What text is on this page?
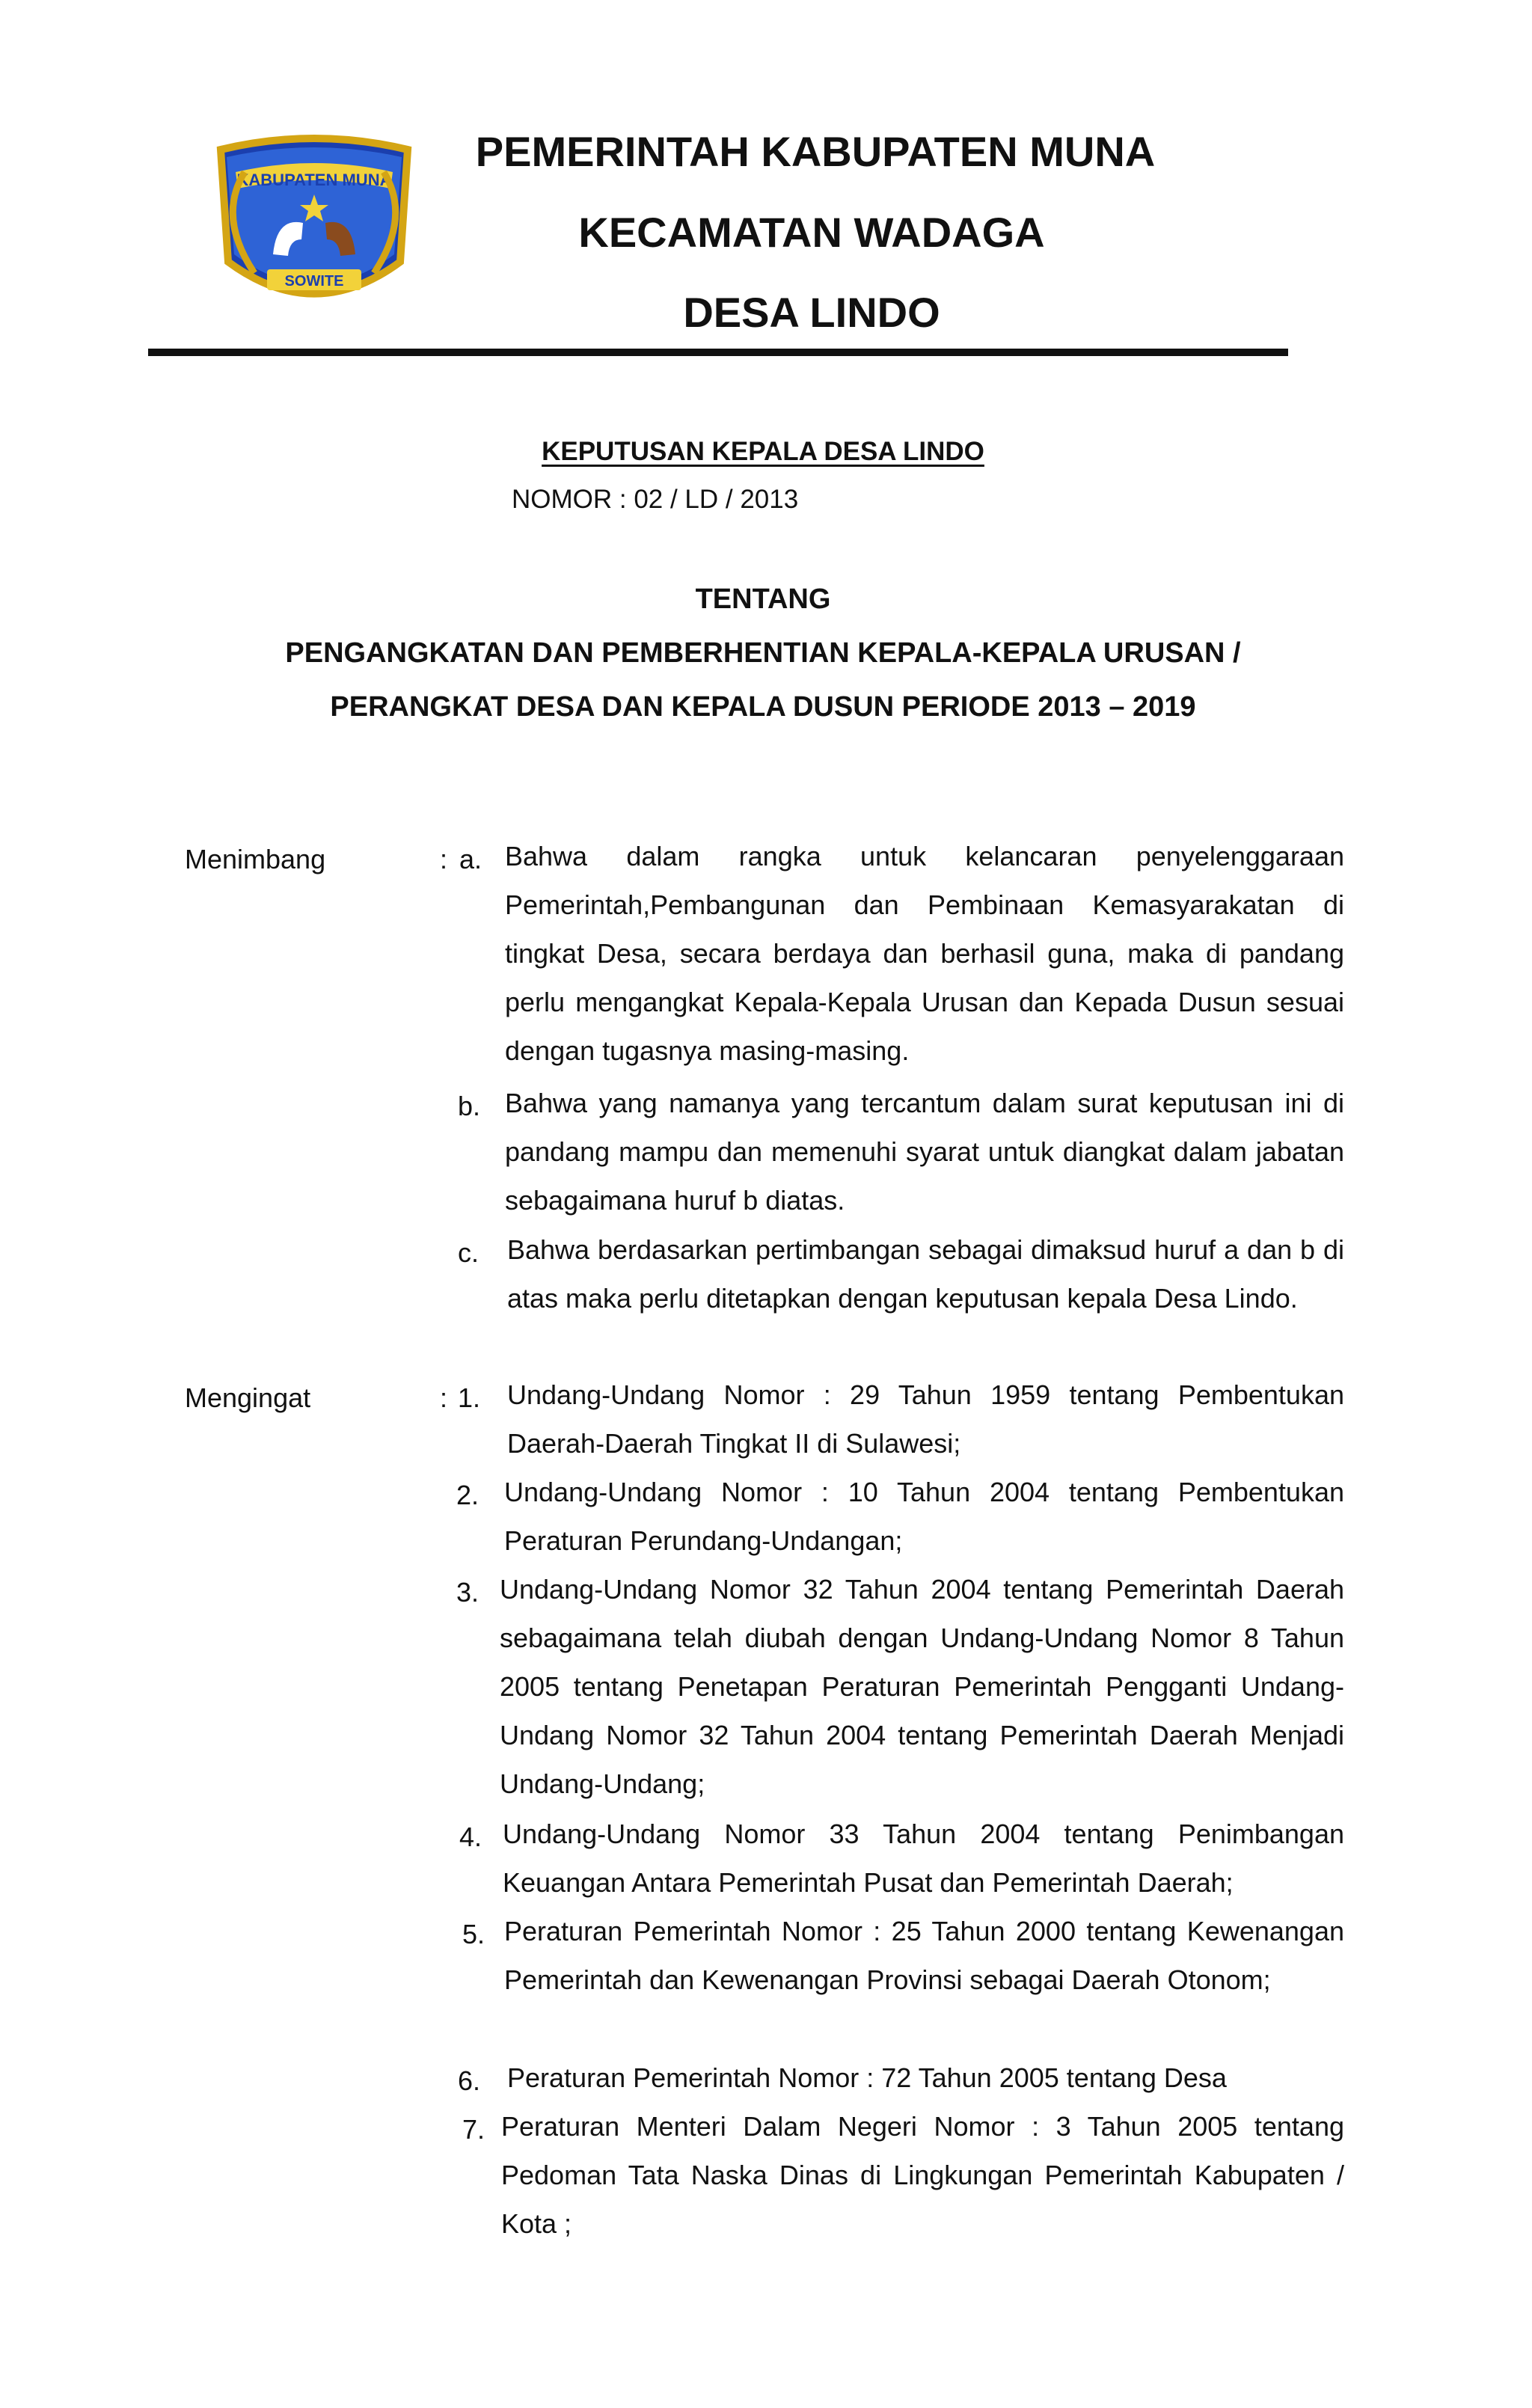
KABUPATEN MUNA
SOWITE
1959
PEMERINTAH KABUPATEN MUNA
KECAMATAN WADAGA
DESA LINDO
KEPUTUSAN KEPALA DESA LINDO
NOMOR : 02 / LD / 2013
TENTANG
PENGANGKATAN DAN PEMBERHENTIAN KEPALA-KEPALA URUSAN /
PERANGKAT DESA DAN KEPALA DUSUN PERIODE 2013 – 2019
Menimbang	: a. Bahwa dalam rangka untuk kelancaran penyelenggaraan Pemerintah,Pembangunan dan Pembinaan Kemasyarakatan di tingkat Desa, secara berdaya dan berhasil guna, maka di pandang perlu mengangkat Kepala-Kepala Urusan dan Kepada Dusun sesuai dengan tugasnya masing-masing.
b. Bahwa yang namanya yang tercantum dalam surat keputusan ini di pandang mampu dan memenuhi syarat untuk diangkat dalam jabatan sebagaimana huruf b diatas.
c. Bahwa berdasarkan pertimbangan sebagai dimaksud huruf a dan b di atas maka perlu ditetapkan dengan keputusan kepala Desa Lindo.
Mengingat	: 1. Undang-Undang Nomor : 29 Tahun 1959 tentang Pembentukan Daerah-Daerah Tingkat II di Sulawesi;
2. Undang-Undang Nomor : 10 Tahun 2004 tentang Pembentukan Peraturan Perundang-Undangan;
3. Undang-Undang Nomor 32 Tahun 2004 tentang Pemerintah Daerah sebagaimana telah diubah dengan Undang-Undang Nomor 8 Tahun 2005 tentang Penetapan Peraturan Pemerintah Pengganti Undang-Undang Nomor 32 Tahun 2004 tentang Pemerintah Daerah Menjadi Undang-Undang;
4. Undang-Undang Nomor 33 Tahun 2004 tentang Penimbangan Keuangan Antara Pemerintah Pusat dan Pemerintah Daerah;
5. Peraturan Pemerintah Nomor : 25 Tahun 2000 tentang Kewenangan Pemerintah dan Kewenangan Provinsi sebagai Daerah Otonom;
6. Peraturan Pemerintah Nomor : 72 Tahun 2005 tentang Desa
7. Peraturan Menteri Dalam Negeri Nomor : 3 Tahun 2005 tentang Pedoman Tata Naska Dinas di Lingkungan Pemerintah Kabupaten / Kota ;
